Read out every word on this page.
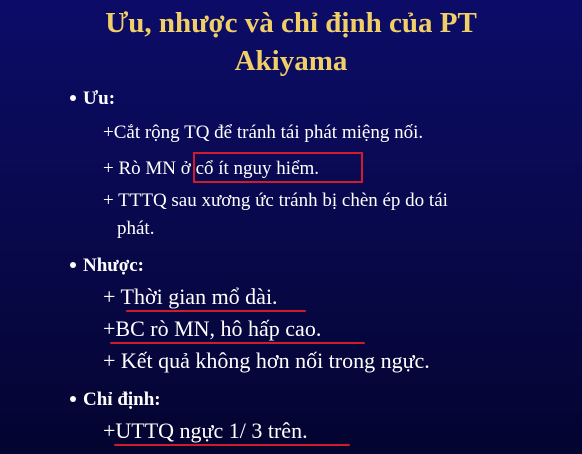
Ưu, nhược và chỉ định của PT
Akiyama
Ưu:
+Cắt rộng TQ để tránh tái phát miệng nối.
+ Rò MN ở cổ ít nguy hiểm.
+ TTTQ sau xương ức tránh bị chèn ép do tái
phát.
Nhược:
+ Thời gian mổ dài.
+BC rò MN, hô hấp cao.
+ Kết quả không hơn nối trong ngực.
Chỉ định:
+UTTQ ngực 1/ 3 trên.
